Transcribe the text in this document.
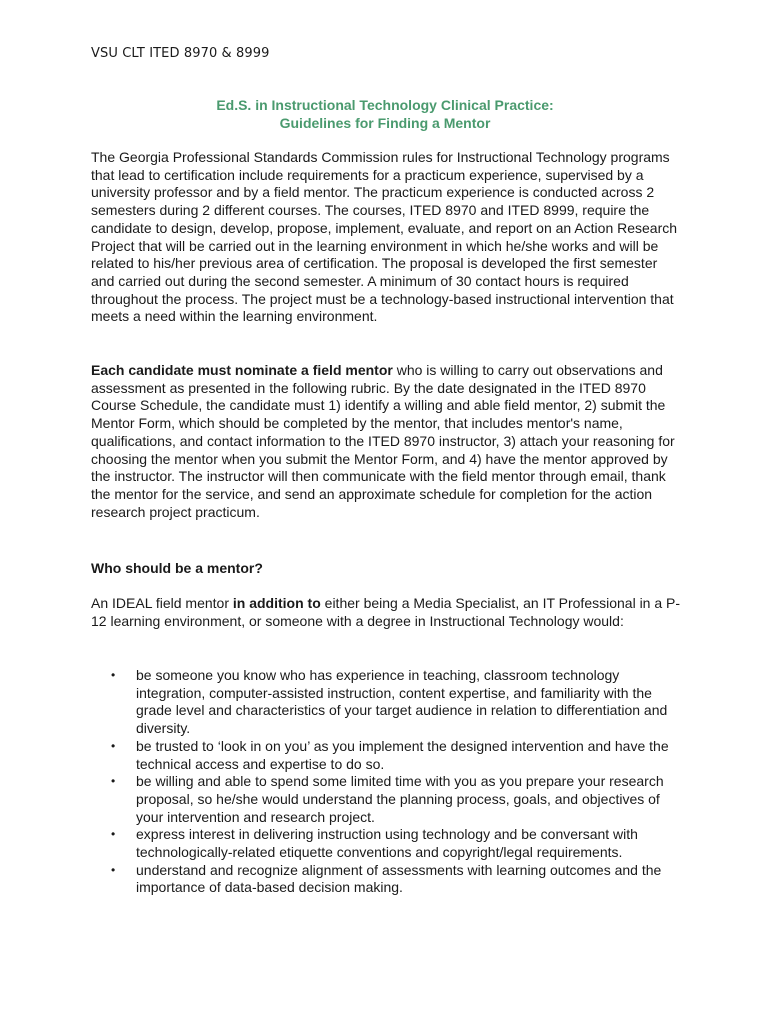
VSU CLT ITED 8970 & 8999
Ed.S. in Instructional Technology Clinical Practice:
Guidelines for Finding a Mentor

The Georgia Professional Standards Commission rules for Instructional Technology programs that lead to certification include requirements for a practicum experience, supervised by a university professor and by a field mentor. The practicum experience is conducted across 2 semesters during 2 different courses. The courses, ITED 8970 and ITED 8999, require the candidate to design, develop, propose, implement, evaluate, and report on an Action Research Project that will be carried out in the learning environment in which he/she works and will be related to his/her previous area of certification. The proposal is developed the first semester and carried out during the second semester. A minimum of 30 contact hours is required throughout the process. The project must be a technology-based instructional intervention that meets a need within the learning environment.

Each candidate must nominate a field mentor who is willing to carry out observations and assessment as presented in the following rubric. By the date designated in the ITED 8970 Course Schedule, the candidate must 1) identify a willing and able field mentor, 2) submit the Mentor Form, which should be completed by the mentor, that includes mentor's name, qualifications, and contact information to the ITED 8970 instructor, 3) attach your reasoning for choosing the mentor when you submit the Mentor Form, and 4) have the mentor approved by the instructor. The instructor will then communicate with the field mentor through email, thank the mentor for the service, and send an approximate schedule for completion for the action research project practicum.

Who should be a mentor?

An IDEAL field mentor in addition to either being a Media Specialist, an IT Professional in a P-12 learning environment, or someone with a degree in Instructional Technology would:

• be someone you know who has experience in teaching, classroom technology integration, computer-assisted instruction, content expertise, and familiarity with the grade level and characteristics of your target audience in relation to differentiation and diversity.
• be trusted to ‘look in on you’ as you implement the designed intervention and have the technical access and expertise to do so.
• be willing and able to spend some limited time with you as you prepare your research proposal, so he/she would understand the planning process, goals, and objectives of your intervention and research project.
• express interest in delivering instruction using technology and be conversant with technologically-related etiquette conventions and copyright/legal requirements.
• understand and recognize alignment of assessments with learning outcomes and the importance of data-based decision making.
